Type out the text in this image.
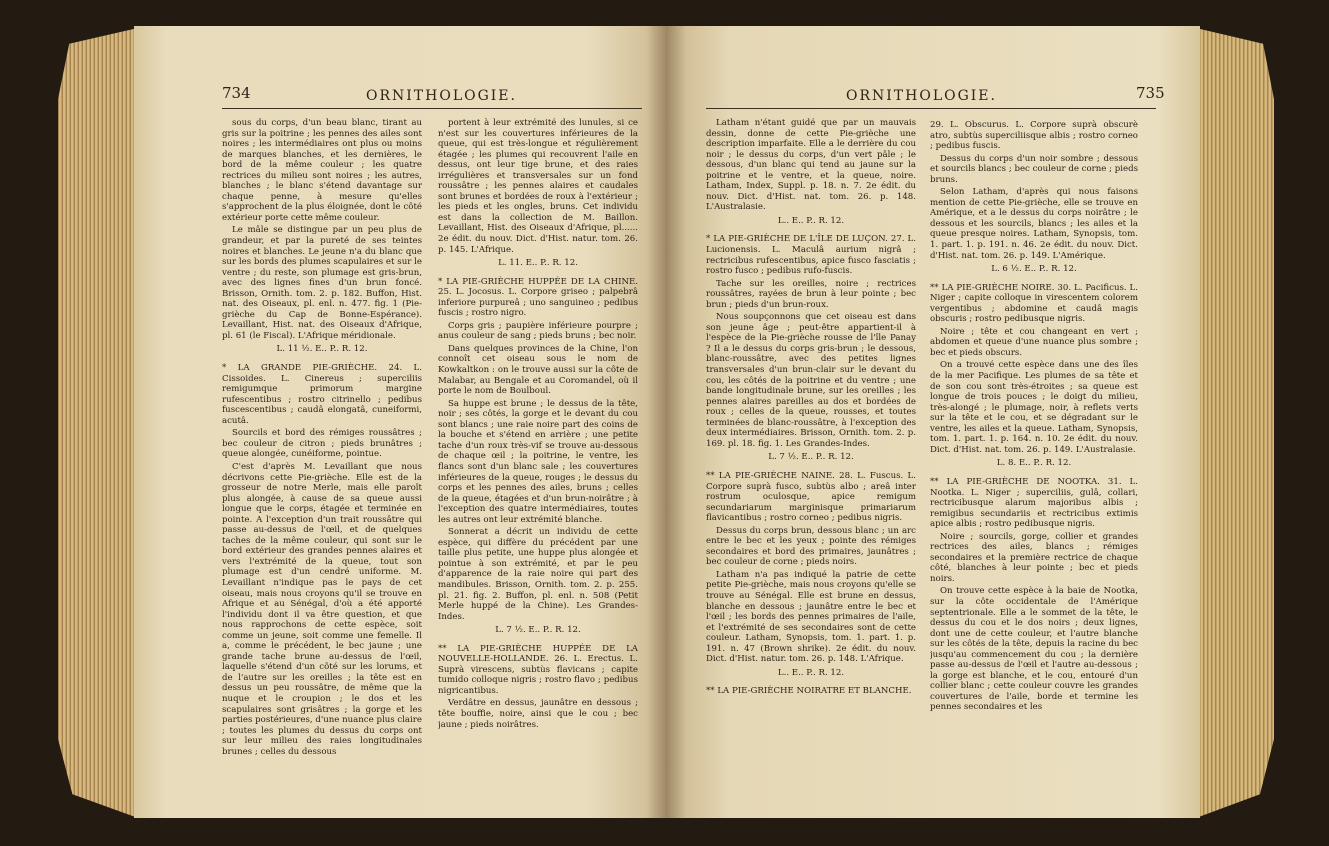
734	ORNITHOLOGIE.

sous du corps, d'un beau blanc, tirant au gris sur la poitrine ; les pennes des ailes sont noires ; les intermédiaires ont plus ou moins de marques blanches, et les dernières, le bord de la même couleur ; les quatre rectrices du milieu sont noires ; les autres, blanches ; le blanc s'étend davantage sur chaque penne, à mesure qu'elles s'approchent de la plus éloignée, dont le côté extérieur porte cette même couleur.

Le mâle se distingue par un peu plus de grandeur, et par la pureté de ses teintes noires et blanches. Le jeune n'a du blanc que sur les bords des plumes scapulaires et sur le ventre ; du reste, son plumage est gris-brun, avec des lignes fines d'un brun foncé. Brisson, Ornith. tom. 2. p. 182. Buffon, Hist. nat. des Oiseaux, pl. enl. n. 477. fig. 1 (Pie-grièche du Cap de Bonne-Espérance). Levaillant, Hist. nat. des Oiseaux d'Afrique, pl. 61 (le Fiscal). L'Afrique méridionale.

L. 11 ½. E.. P.. R. 12.

* LA GRANDE PIE-GRIÈCHE. 24. L. Cissoides. L. Cinereus ; superciliis remigumque primorum margine rufescentibus ; rostro citrinello ; pedibus fuscescentibus ; caudâ elongatâ, cuneiformi, acutâ.

Sourcils et bord des rémiges roussâtres ; bec couleur de citron ; pieds brunâtres ; queue alongée, cunéiforme, pointue.

C'est d'après M. Levaillant que nous décrivons cette Pie-grièche. Elle est de la grosseur de notre Merle, mais elle paroît plus alongée, à cause de sa queue aussi longue que le corps, étagée et terminée en pointe. A l'exception d'un trait roussâtre qui passe au-dessus de l'œil, et de quelques taches de la même couleur, qui sont sur le bord extérieur des grandes pennes alaires et vers l'extrémité de la queue, tout son plumage est d'un cendré uniforme. M. Levaillant n'indique pas le pays de cet oiseau, mais nous croyons qu'il se trouve en Afrique et au Sénégal, d'où a été apporté l'individu dont il va être question, et que nous rapprochons de cette espèce, soit comme un jeune, soit comme une femelle. Il a, comme le précédent, le bec jaune ; une grande tache brune au-dessus de l'œil, laquelle s'étend d'un côté sur les lorums, et de l'autre sur les oreilles ; la tête est en dessus un peu roussâtre, de même que la nuque et le croupion ; le dos et les scapulaires sont grisâtres ; la gorge et les parties postérieures, d'une nuance plus claire ; toutes les plumes du dessus du corps ont sur leur milieu des raies longitudinales brunes ; celles du dessous

portent à leur extrémité des lunules, si ce n'est sur les couvertures inférieures de la queue, qui est très-longue et régulièrement étagée ; les plumes qui recouvrent l'aile en dessus, ont leur tige brune, et des raies irrégulières et transversales sur un fond roussâtre ; les pennes alaires et caudales sont brunes et bordées de roux à l'extérieur ; les pieds et les ongles, bruns. Cet individu est dans la collection de M. Baillon. Levaillant, Hist. des Oiseaux d'Afrique, pl...... 2e édit. du nouv. Dict. d'Hist. natur. tom. 26. p. 145. L'Afrique.

L. 11. E.. P.. R. 12.

* LA PIE-GRIÈCHE HUPPÉE DE LA CHINE. 25. L. Jocosus. L. Corpore griseo ; palpebrâ inferiore purpureâ ; uno sanguineo ; pedibus fuscis ; rostro nigro.

Corps gris ; paupière inférieure pourpre ; anus couleur de sang ; pieds bruns ; bec noir.

Dans quelques provinces de la Chine, l'on connoît cet oiseau sous le nom de Kowkaltkon : on le trouve aussi sur la côte de Malabar, au Bengale et au Coromandel, où il porte le nom de Boulboul.

Sa huppe est brune ; le dessus de la tête, noir ; ses côtés, la gorge et le devant du cou sont blancs ; une raie noire part des coins de la bouche et s'étend en arrière ; une petite tache d'un roux très-vif se trouve au-dessous de chaque œil ; la poitrine, le ventre, les flancs sont d'un blanc sale ; les couvertures inférieures de la queue, rouges ; le dessus du corps et les pennes des ailes, bruns ; celles de la queue, étagées et d'un brun-noirâtre ; à l'exception des quatre intermédiaires, toutes les autres ont leur extrémité blanche.

Sonnerat a décrit un individu de cette espèce, qui diffère du précédent par une taille plus petite, une huppe plus alongée et pointue à son extrémité, et par le peu d'apparence de la raie noire qui part des mandibules. Brisson, Ornith. tom. 2. p. 255. pl. 21. fig. 2. Buffon, pl. enl. n. 508 (Petit Merle huppé de la Chine). Les Grandes-Indes.

L. 7 ½. E.. P.. R. 12.

** LA PIE-GRIÈCHE HUPPÉE DE LA NOUVELLE-HOLLANDE. 26. L. Erectus. L. Suprà virescens, subtùs flavicans ; capite tumido colloque nigris ; rostro flavo ; pedibus nigricantibus.

Verdâtre en dessus, jaunâtre en dessous ; tête bouffie, noire, ainsi que le cou ; bec jaune ; pieds noirâtres.

ORNITHOLOGIE.	735

Latham n'étant guidé que par un mauvais dessin, donne de cette Pie-grièche une description imparfaite. Elle a le derrière du cou noir ; le dessus du corps, d'un vert pâle ; le dessous, d'un blanc qui tend au jaune sur la poitrine et le ventre, et la queue, noire. Latham, Index, Suppl. p. 18. n. 7. 2e édit. du nouv. Dict. d'Hist. nat. tom. 26. p. 148. L'Australasie.

L.. E.. P.. R. 12.

* LA PIE-GRIÈCHE DE L'ÎLE DE LUÇON. 27. L. Lucionensis. L. Maculâ aurium nigrâ ; rectricibus rufescentibus, apice fusco fasciatis ; rostro fusco ; pedibus rufo-fuscis.

Tache sur les oreilles, noire ; rectrices roussâtres, rayées de brun à leur pointe ; bec brun ; pieds d'un brun-roux.

Nous soupçonnons que cet oiseau est dans son jeune âge ; peut-être appartient-il à l'espèce de la Pie-grièche rousse de l'île Panay ? Il a le dessus du corps gris-brun ; le dessous, blanc-roussâtre, avec des petites lignes transversales d'un brun-clair sur le devant du cou, les côtés de la poitrine et du ventre ; une bande longitudinale brune, sur les oreilles ; les pennes alaires pareilles au dos et bordées de roux ; celles de la queue, rousses, et toutes terminées de blanc-roussâtre, à l'exception des deux intermédiaires. Brisson, Ornith. tom. 2. p. 169. pl. 18. fig. 1. Les Grandes-Indes.

L. 7 ½. E.. P.. R. 12.

** LA PIE-GRIÈCHE NAINE. 28. L. Fuscus. L. Corpore suprà fusco, subtùs albo ; areâ inter rostrum oculosque, apice remigum secundariarum marginisque primariarum flavicantibus ; rostro corneo ; pedibus nigris.

Dessus du corps brun, dessous blanc ; un arc entre le bec et les yeux ; pointe des rémiges secondaires et bord des primaires, jaunâtres ; bec couleur de corne ; pieds noirs.

Latham n'a pas indiqué la patrie de cette petite Pie-grièche, mais nous croyons qu'elle se trouve au Sénégal. Elle est brune en dessus, blanche en dessous ; jaunâtre entre le bec et l'œil ; les bords des pennes primaires de l'aile, et l'extrémité de ses secondaires sont de cette couleur. Latham, Synopsis, tom. 1. part. 1. p. 191. n. 47 (Brown shrike). 2e édit. du nouv. Dict. d'Hist. natur. tom. 26. p. 148. L'Afrique.

L.. E.. P.. R. 12.

** LA PIE-GRIÈCHE NOIRATRE ET BLANCHE.

29. L. Obscurus. L. Corpore suprà obscurè atro, subtùs superciliisque albis ; rostro corneo ; pedibus fuscis.

Dessus du corps d'un noir sombre ; dessous et sourcils blancs ; bec couleur de corne ; pieds bruns.

Selon Latham, d'après qui nous faisons mention de cette Pie-grièche, elle se trouve en Amérique, et a le dessus du corps noirâtre ; le dessous et les sourcils, blancs ; les ailes et la queue presque noires. Latham, Synopsis, tom. 1. part. 1. p. 191. n. 46. 2e édit. du nouv. Dict. d'Hist. nat. tom. 26. p. 149. L'Amérique.

L. 6 ½. E.. P.. R. 12.

** LA PIE-GRIÈCHE NOIRE. 30. L. Pacificus. L. Niger ; capite colloque in virescentem colorem vergentibus ; abdomine et caudâ magis obscuris ; rostro pedibusque nigris.

Noire ; tête et cou changeant en vert ; abdomen et queue d'une nuance plus sombre ; bec et pieds obscurs.

On a trouvé cette espèce dans une des îles de la mer Pacifique. Les plumes de sa tête et de son cou sont très-étroites ; sa queue est longue de trois pouces ; le doigt du milieu, très-alongé ; le plumage, noir, à reflets verts sur la tête et le cou, et se dégradant sur le ventre, les ailes et la queue. Latham, Synopsis, tom. 1. part. 1. p. 164. n. 10. 2e édit. du nouv. Dict. d'Hist. nat. tom. 26. p. 149. L'Australasie.

L. 8. E.. P.. R. 12.

** LA PIE-GRIÈCHE DE NOOTKA. 31. L. Nootka. L. Niger ; superciliis, gulâ, collari, rectricibusque alarum majoribus albis ; remigibus secundariis et rectricibus extimis apice albis ; rostro pedibusque nigris.

Noire ; sourcils, gorge, collier et grandes rectrices des ailes, blancs ; rémiges secondaires et la première rectrice de chaque côté, blanches à leur pointe ; bec et pieds noirs.

On trouve cette espèce à la baie de Nootka, sur la côte occidentale de l'Amérique septentrionale. Elle a le sommet de la tête, le dessus du cou et le dos noirs ; deux lignes, dont une de cette couleur, et l'autre blanche sur les côtés de la tête, depuis la racine du bec jusqu'au commencement du cou ; la dernière passe au-dessus de l'œil et l'autre au-dessous ; la gorge est blanche, et le cou, entouré d'un collier blanc ; cette couleur couvre les grandes couvertures de l'aile, borde et termine les pennes secondaires et les
